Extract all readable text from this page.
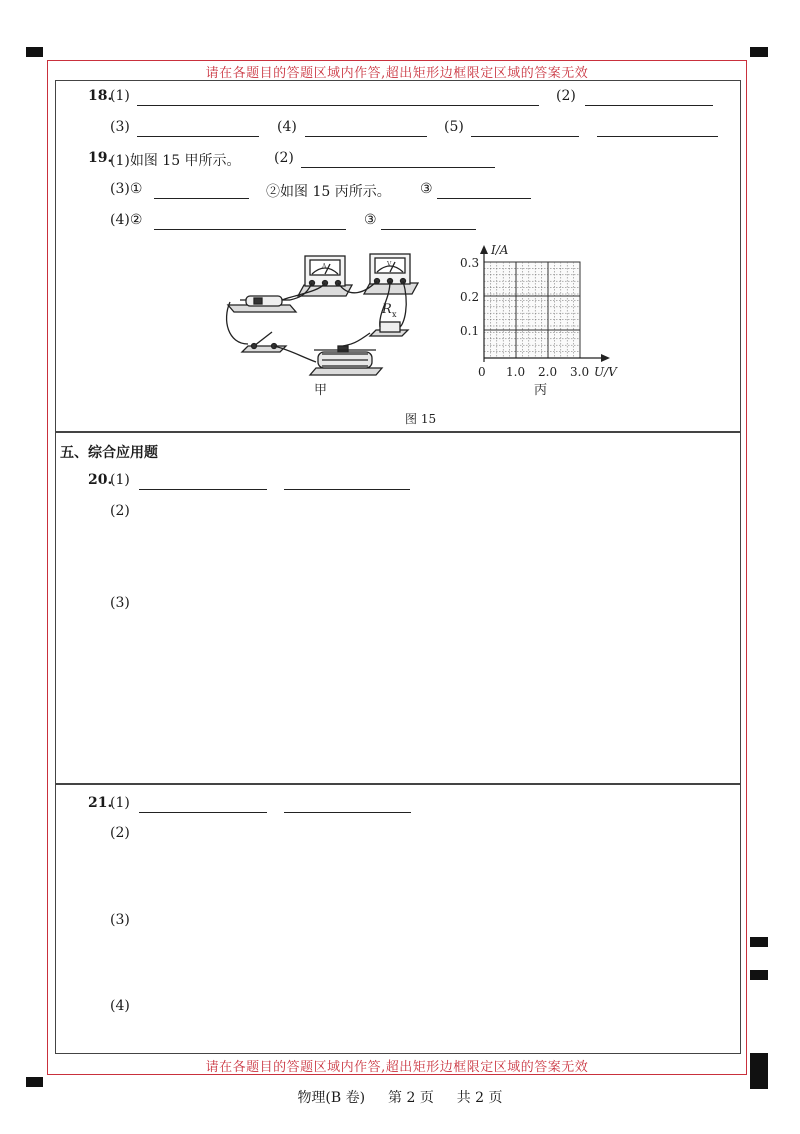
请在各题目的答题区域内作答,超出矩形边框限定区域的答案无效
请在各题目的答题区域内作答,超出矩形边框限定区域的答案无效
18.
(1)	(2)
(3)	(4)	(5)
19.
(1)如图 15 甲所示。 (2)
(3)①	②如图 15 丙所示。 ③
(4)②	③
A	V
R x
甲
I/A
U/V
0.3
0.2
0.1
0 1.0 2.0 3.0
丙
图 15
五、综合应用题
20.
(1)
(2)
(3)
21.
(1)
(2)
(3)
(4)
物理(B 卷) 第 2 页 共 2 页
